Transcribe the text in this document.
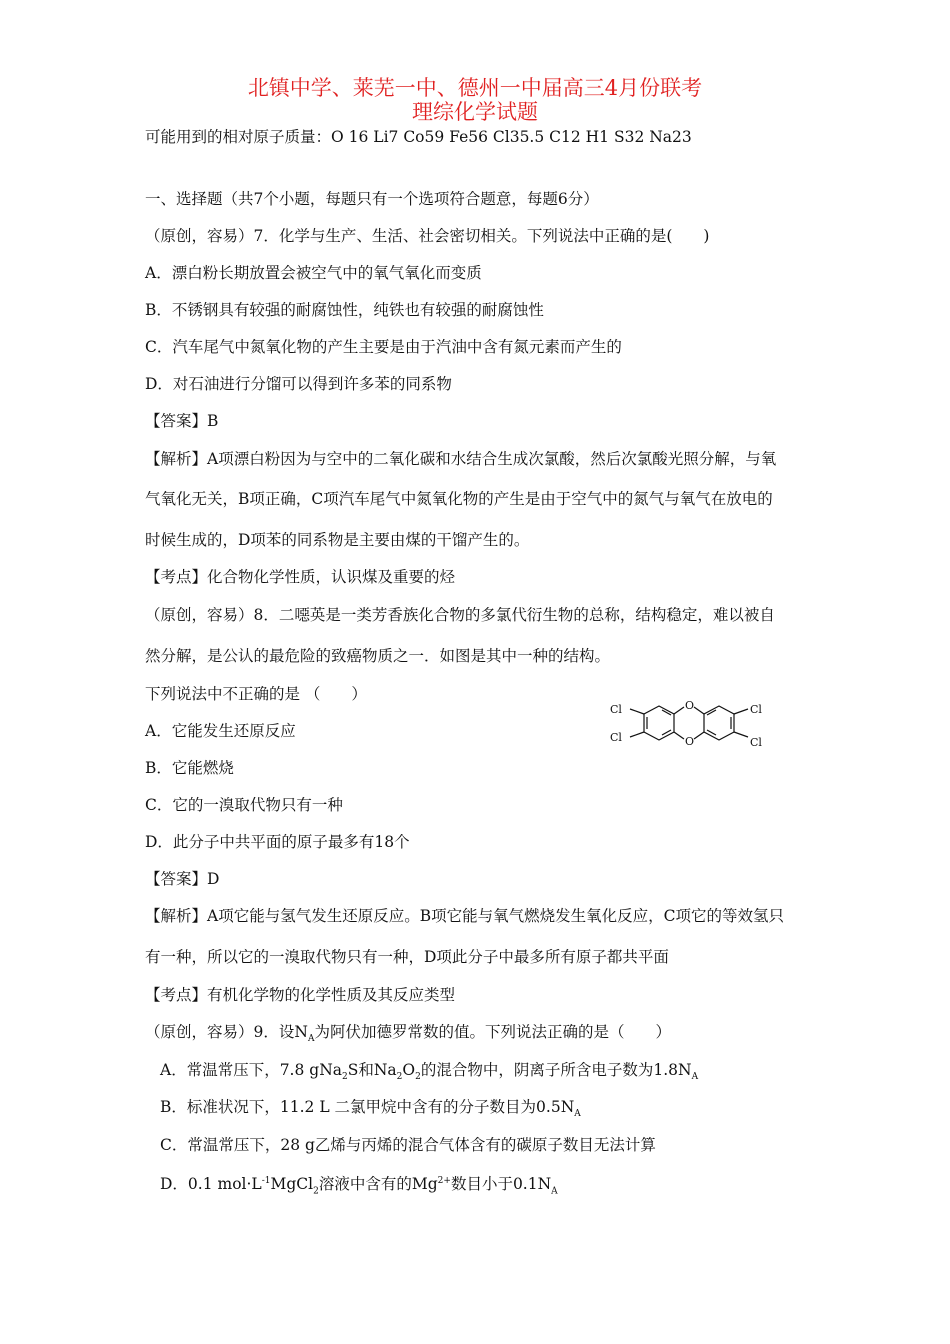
北镇中学、莱芜一中、德州一中届高三4月份联考
理综化学试题
可能用到的相对原子质量：O 16 Li7 Co59 Fe56 Cl35.5 C12 H1 S32 Na23
一、选择题（共7个小题，每题只有一个选项符合题意，每题6分）
（原创，容易）7．化学与生产、生活、社会密切相关。下列说法中正确的是(　　)
A．漂白粉长期放置会被空气中的氧气氧化而变质
B．不锈钢具有较强的耐腐蚀性，纯铁也有较强的耐腐蚀性
C．汽车尾气中氮氧化物的产生主要是由于汽油中含有氮元素而产生的
D．对石油进行分馏可以得到许多苯的同系物
【答案】B
【解析】A项漂白粉因为与空中的二氧化碳和水结合生成次氯酸，然后次氯酸光照分解，与氧
气氧化无关，B项正确，C项汽车尾气中氮氧化物的产生是由于空气中的氮气与氧气在放电的
时候生成的，D项苯的同系物是主要由煤的干馏产生的。
【考点】化合物化学性质，认识煤及重要的烃
（原创，容易）8．二噁英是一类芳香族化合物的多氯代衍生物的总称，结构稳定，难以被自
然分解，是公认的最危险的致癌物质之一．如图是其中一种的结构。
下列说法中不正确的是 （　　）
A．它能发生还原反应
B．它能燃烧
C．它的一溴取代物只有一种
D．此分子中共平面的原子最多有18个
【答案】D
【解析】A项它能与氢气发生还原反应。B项它能与氧气燃烧发生氧化反应，C项它的等效氢只
有一种，所以它的一溴取代物只有一种，D项此分子中最多所有原子都共平面
【考点】有机化学物的化学性质及其反应类型
Cl
Cl
Cl
Cl
O
O
（原创，容易）9．设$N_A$为阿伏加德罗常数的值。下列说法正确的是（　　）
A．常温常压下，7.8 gNa$_2$S和$Na_2O_2$的混合物中，阴离子所含电子数为$1.8N_A$
B．标准状况下，11.2 L 二氯甲烷中含有的分子数目为$0.5N_A$
C．常温常压下，28 g乙烯与丙烯的混合气体含有的碳原子数目无法计算
D．0.1 $mol\cdot L^{-1}MgCl_2$溶液中含有的$Mg^{2+}$数目小于$0.1N_A$
